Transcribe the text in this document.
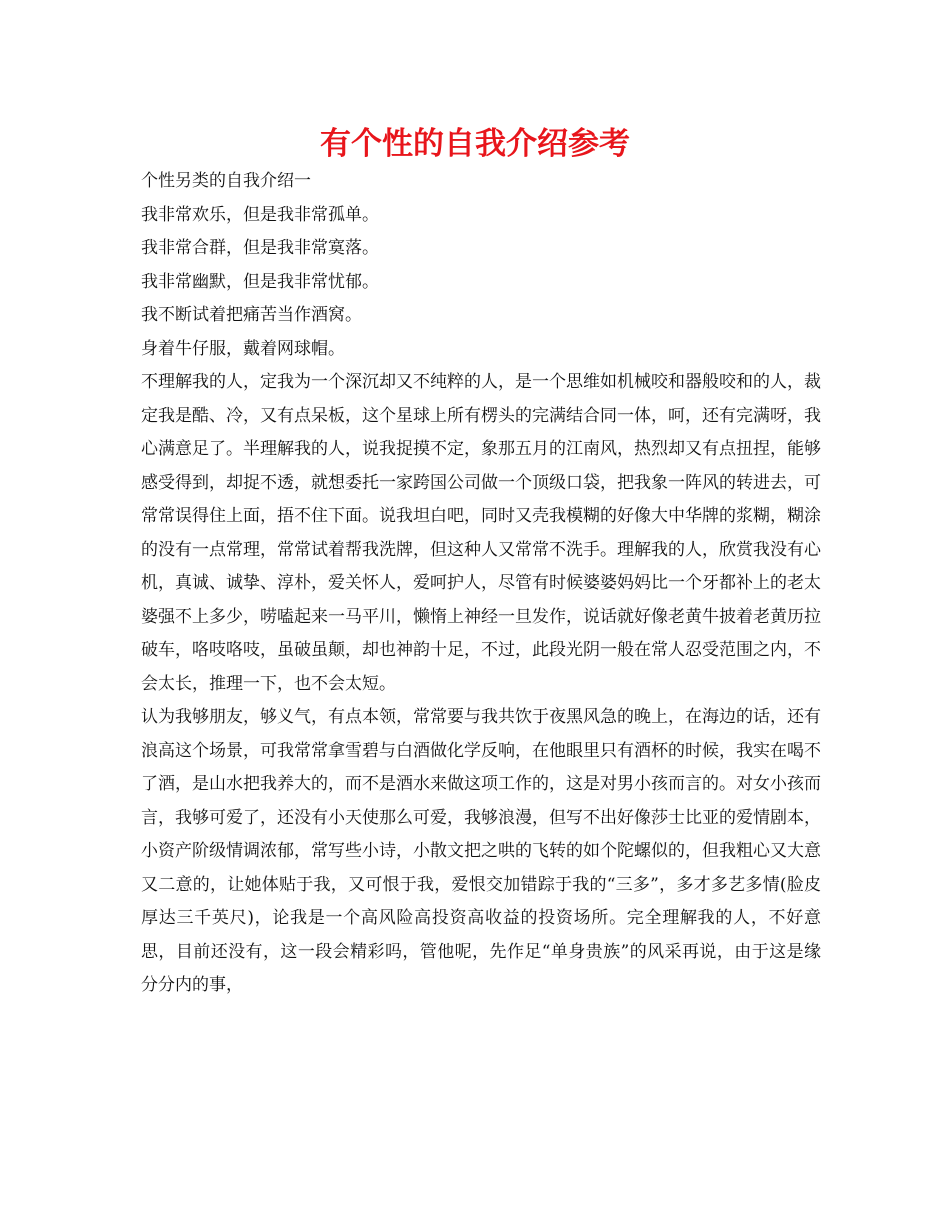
有个性的自我介绍参考

个性另类的自我介绍一

我非常欢乐，但是我非常孤单。

我非常合群，但是我非常寞落。

我非常幽默，但是我非常忧郁。

我不断试着把痛苦当作酒窝。

身着牛仔服，戴着网球帽。

不理解我的人，定我为一个深沉却又不纯粹的人，是一个思维如机械咬和器般咬和的人，裁定我是酷、冷，又有点呆板，这个星球上所有楞头的完满结合同一体，呵，还有完满呀，我心满意足了。半理解我的人，说我捉摸不定，象那五月的江南风，热烈却又有点扭捏，能够感受得到，却捉不透，就想委托一家跨国公司做一个顶级口袋，把我象一阵风的转进去，可常常误得住上面，捂不住下面。说我坦白吧，同时又壳我模糊的好像大中华牌的浆糊，糊涂的没有一点常理，常常试着帮我洗牌，但这种人又常常不洗手。理解我的人，欣赏我没有心机，真诚、诚挚、淳朴，爱关怀人，爱呵护人，尽管有时候婆婆妈妈比一个牙都补上的老太婆强不上多少，唠嗑起来一马平川，懒惰上神经一旦发作，说话就好像老黄牛披着老黄历拉破车，咯吱咯吱，虽破虽颠，却也神韵十足，不过，此段光阴一般在常人忍受范围之内，不会太长，推理一下，也不会太短。

认为我够朋友，够义气，有点本领，常常要与我共饮于夜黑风急的晚上，在海边的话，还有浪高这个场景，可我常常拿雪碧与白酒做化学反响，在他眼里只有酒杯的时候，我实在喝不了酒，是山水把我养大的，而不是酒水来做这项工作的，这是对男小孩而言的。对女小孩而言，我够可爱了，还没有小天使那么可爱，我够浪漫，但写不出好像莎士比亚的爱情剧本，小资产阶级情调浓郁，常写些小诗，小散文把之哄的飞转的如个陀螺似的，但我粗心又大意又二意的，让她体贴于我，又可恨于我，爱恨交加错踪于我的“三多”，多才多艺多情(脸皮厚达三千英尺)，论我是一个高风险高投资高收益的投资场所。完全理解我的人，不好意思，目前还没有，这一段会精彩吗，管他呢，先作足“单身贵族”的风采再说，由于这是缘分分内的事，
